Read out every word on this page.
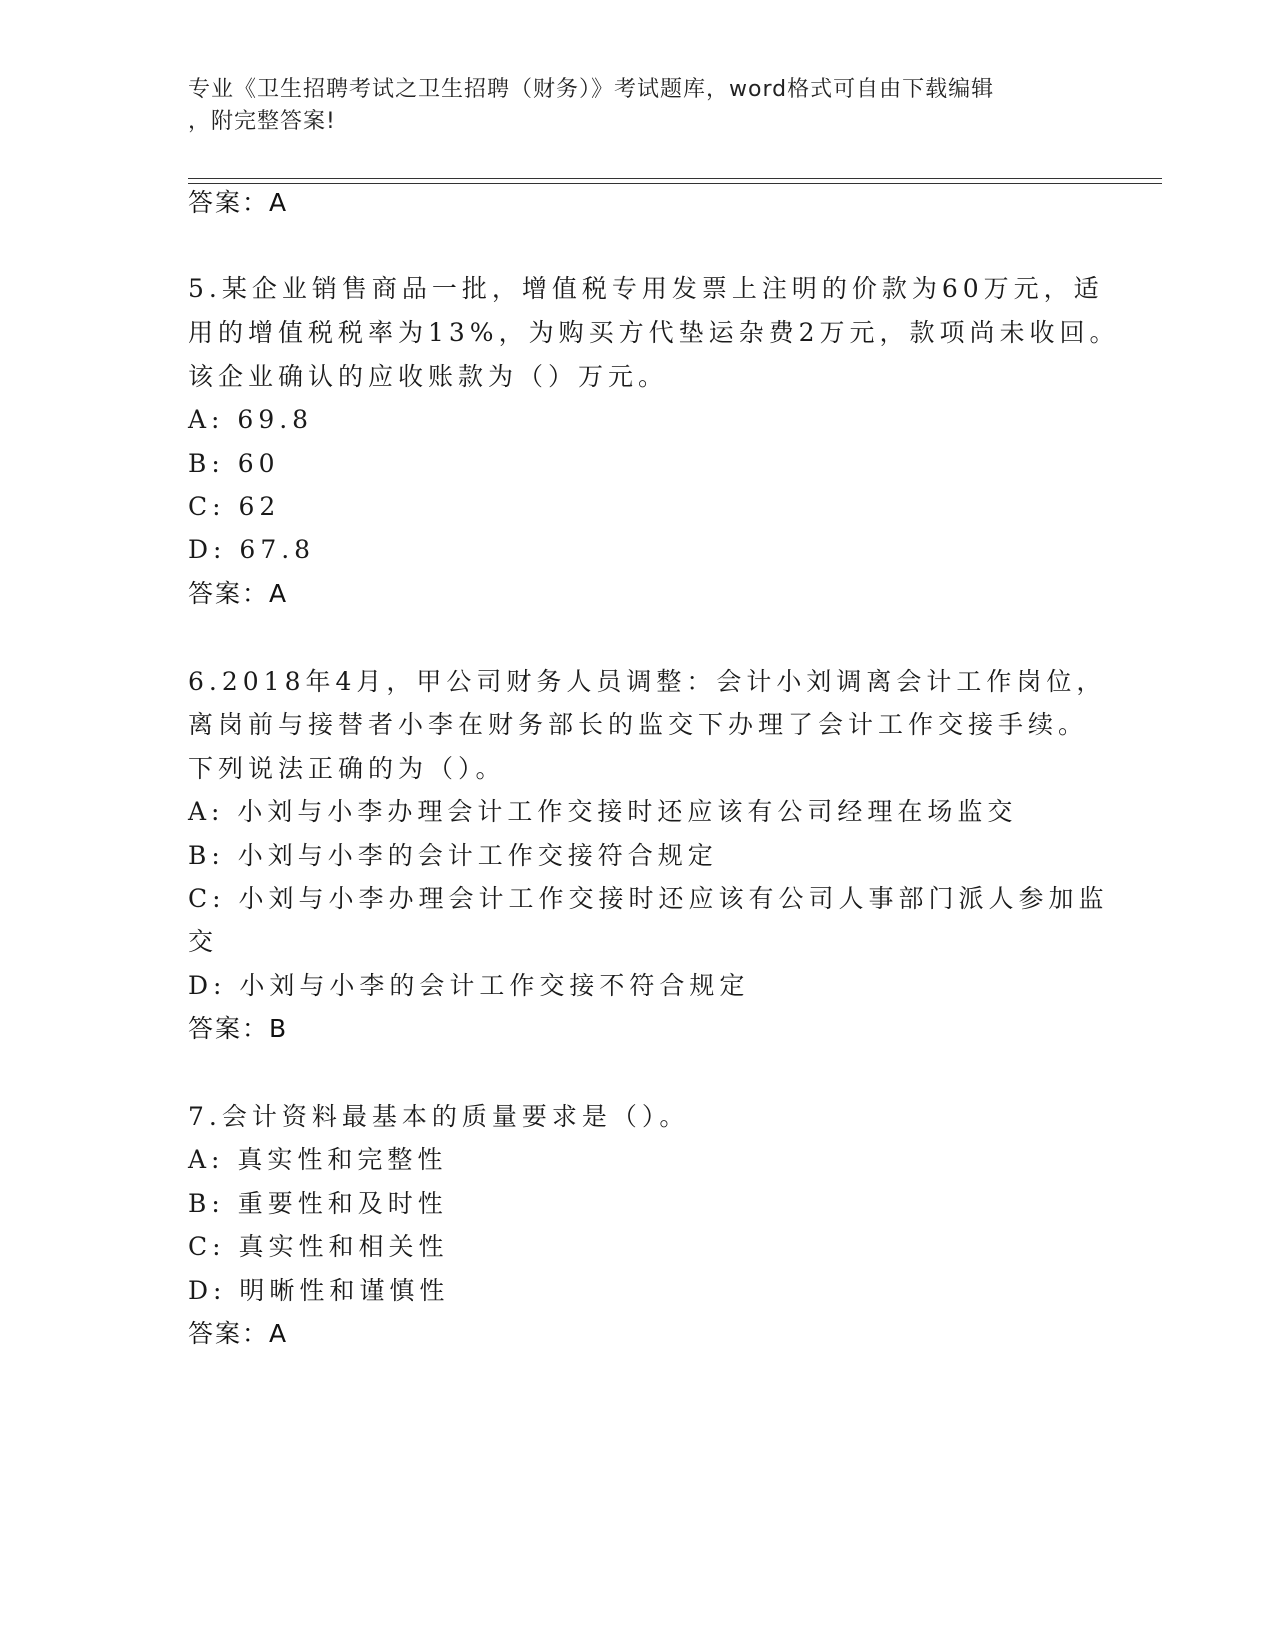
专业《卫生招聘考试之卫生招聘（财务）》考试题库，word格式可自由下载编辑
，附完整答案!
答案：A
5.某企业销售商品一批，增值税专用发票上注明的价款为60万元，适
用的增值税税率为13%，为购买方代垫运杂费2万元，款项尚未收回。
该企业确认的应收账款为（）万元。
A: 69.8
B: 60
C: 62
D: 67.8
答案：A
6.2018年4月，甲公司财务人员调整：会计小刘调离会计工作岗位，
离岗前与接替者小李在财务部长的监交下办理了会计工作交接手续。
下列说法正确的为（）。
A: 小刘与小李办理会计工作交接时还应该有公司经理在场监交
B: 小刘与小李的会计工作交接符合规定
C: 小刘与小李办理会计工作交接时还应该有公司人事部门派人参加监
交
D: 小刘与小李的会计工作交接不符合规定
答案：B
7.会计资料最基本的质量要求是（）。
A: 真实性和完整性
B: 重要性和及时性
C: 真实性和相关性
D: 明晰性和谨慎性
答案：A
